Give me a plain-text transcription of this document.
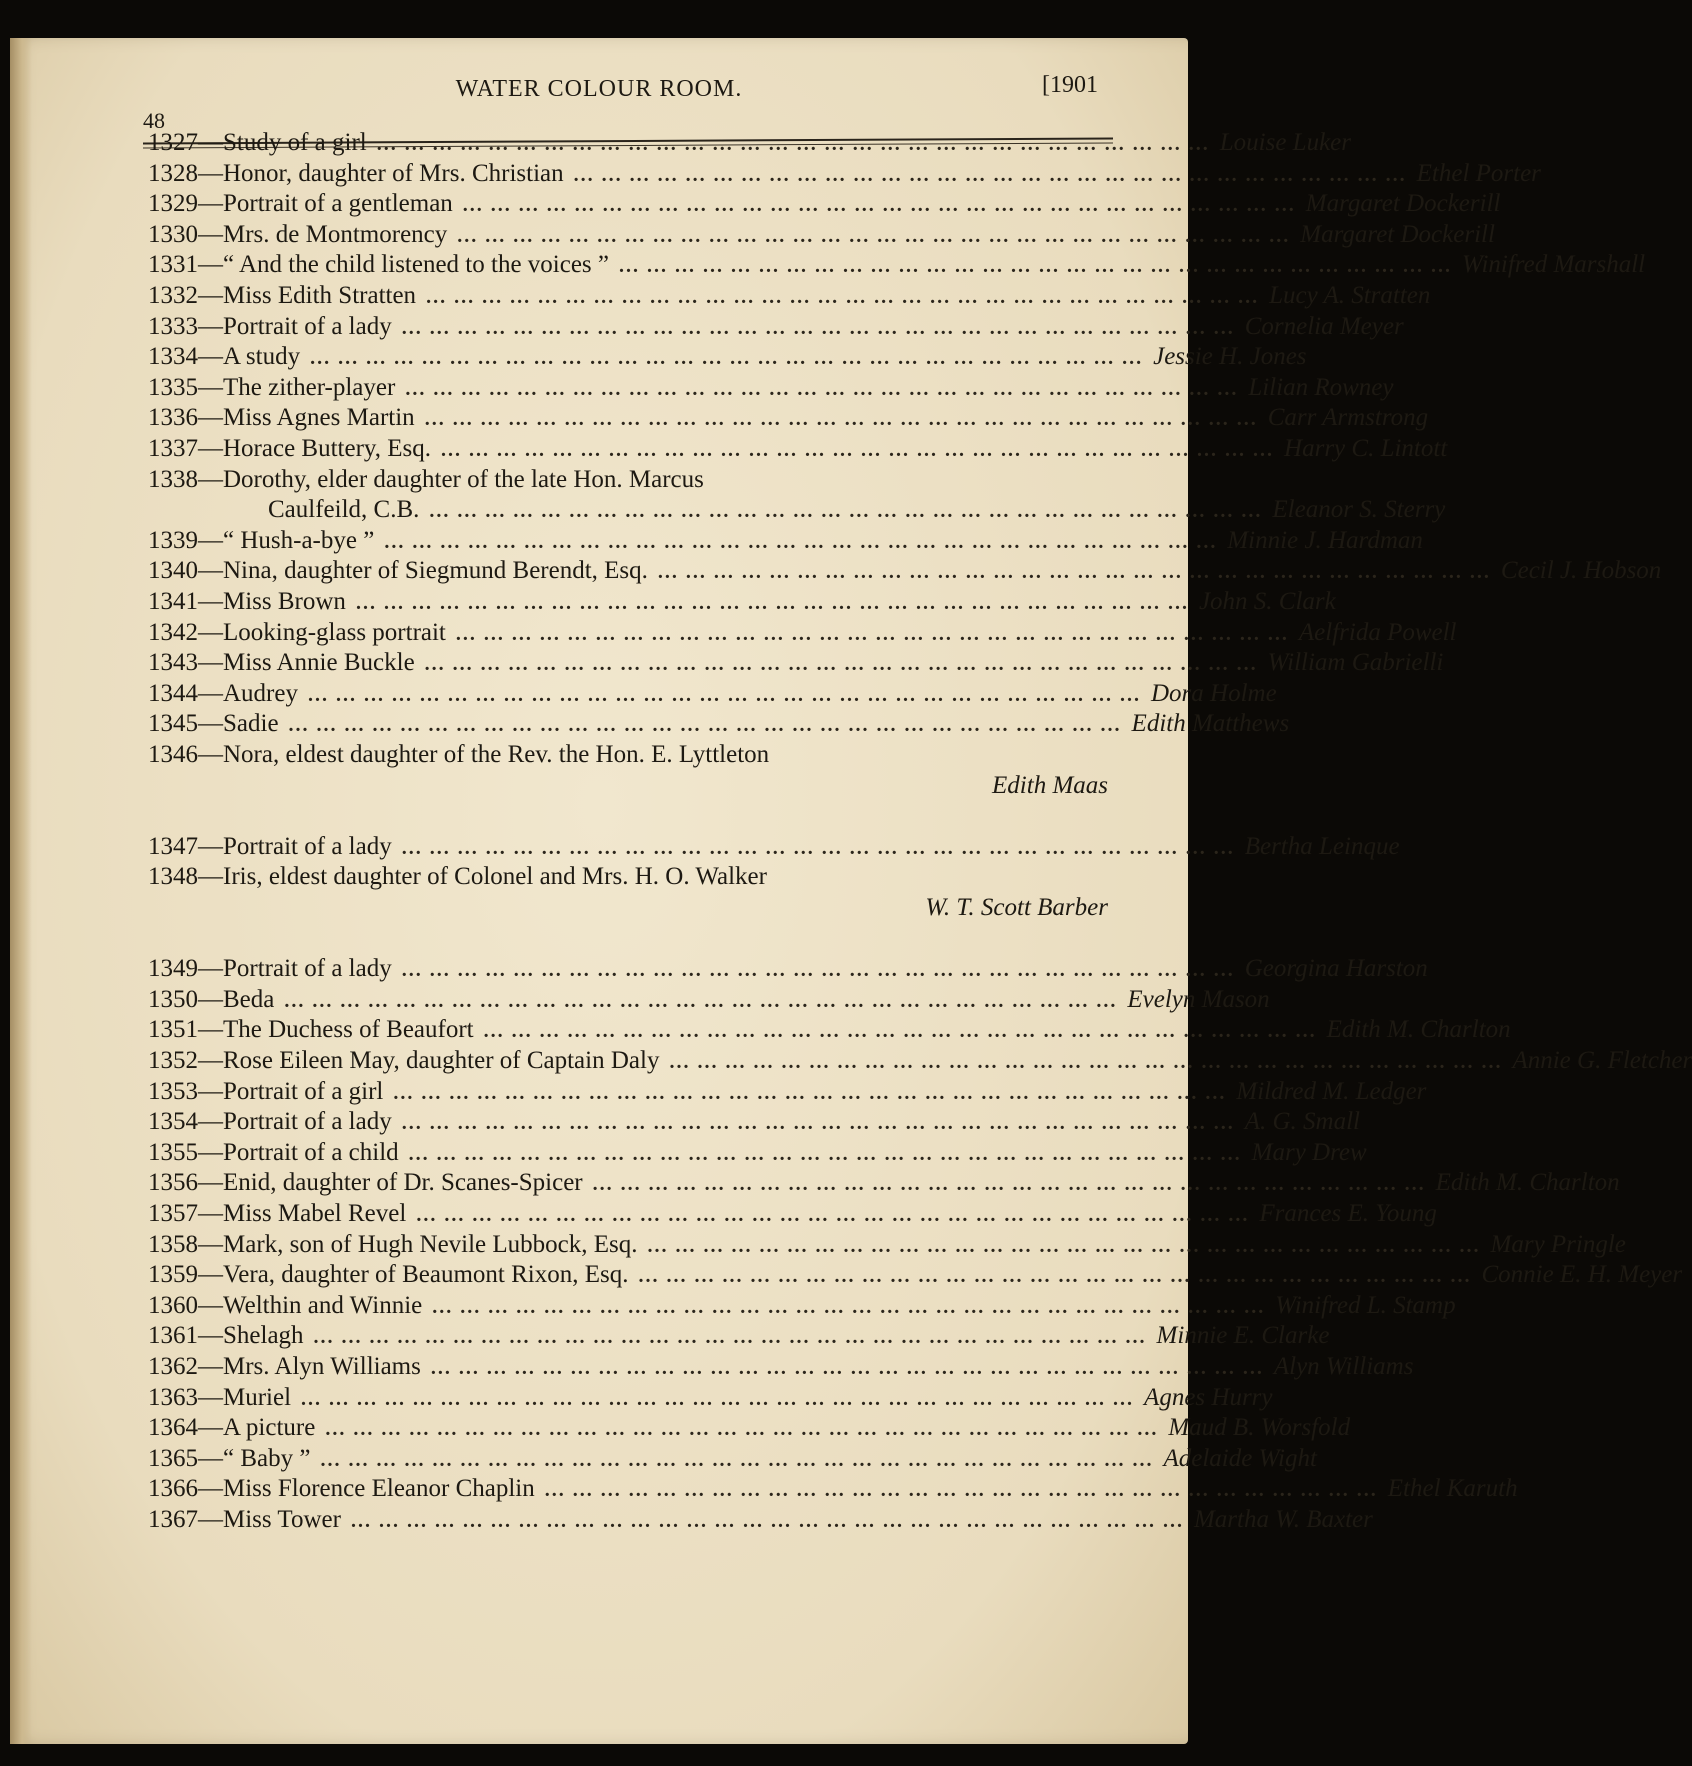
48
WATER COLOUR ROOM.	[1901
1327 —Study of a girl ... ... ... ... ... ... ... ... ... ... ... ... ... ... ... ... ... ... ... ... ... ... ... ... ... ... ... ... ... ... Louise Luker
1328 —Honor, daughter of Mrs. Christian ... ... ... ... ... ... ... ... ... ... ... ... ... ... ... ... ... ... ... ... ... ... ... ... ... ... ... ... ... ... Ethel Porter
1329 —Portrait of a gentleman ... ... ... ... ... ... ... ... ... ... ... ... ... ... ... ... ... ... ... ... ... ... ... ... ... ... ... ... ... ... Margaret Dockerill
1330 —Mrs. de Montmorency ... ... ... ... ... ... ... ... ... ... ... ... ... ... ... ... ... ... ... ... ... ... ... ... ... ... ... ... ... ... Margaret Dockerill
1331 —“ And the child listened to the voices ” ... ... ... ... ... ... ... ... ... ... ... ... ... ... ... ... ... ... ... ... ... ... ... ... ... ... ... ... ... ... Winifred Marshall
1332 —Miss Edith Stratten ... ... ... ... ... ... ... ... ... ... ... ... ... ... ... ... ... ... ... ... ... ... ... ... ... ... ... ... ... ... Lucy A. Stratten
1333 —Portrait of a lady ... ... ... ... ... ... ... ... ... ... ... ... ... ... ... ... ... ... ... ... ... ... ... ... ... ... ... ... ... ... Cornelia Meyer
1334 —A study ... ... ... ... ... ... ... ... ... ... ... ... ... ... ... ... ... ... ... ... ... ... ... ... ... ... ... ... ... ... Jessie H. Jones
1335 —The zither-player ... ... ... ... ... ... ... ... ... ... ... ... ... ... ... ... ... ... ... ... ... ... ... ... ... ... ... ... ... ... Lilian Rowney
1336 —Miss Agnes Martin ... ... ... ... ... ... ... ... ... ... ... ... ... ... ... ... ... ... ... ... ... ... ... ... ... ... ... ... ... ... Carr Armstrong
1337 —Horace Buttery, Esq. ... ... ... ... ... ... ... ... ... ... ... ... ... ... ... ... ... ... ... ... ... ... ... ... ... ... ... ... ... ... Harry C. Lintott
1338 —Dorothy, elder daughter of the late Hon. Marcus
Caulfeild, C.B. ... ... ... ... ... ... ... ... ... ... ... ... ... ... ... ... ... ... ... ... ... ... ... ... ... ... ... ... ... ... Eleanor S. Sterry
1339 —“ Hush-a-bye ” ... ... ... ... ... ... ... ... ... ... ... ... ... ... ... ... ... ... ... ... ... ... ... ... ... ... ... ... ... ... Minnie J. Hardman
1340 —Nina, daughter of Siegmund Berendt, Esq. ... ... ... ... ... ... ... ... ... ... ... ... ... ... ... ... ... ... ... ... ... ... ... ... ... ... ... ... ... ... Cecil J. Hobson
1341 —Miss Brown ... ... ... ... ... ... ... ... ... ... ... ... ... ... ... ... ... ... ... ... ... ... ... ... ... ... ... ... ... ... John S. Clark
1342 —Looking-glass portrait ... ... ... ... ... ... ... ... ... ... ... ... ... ... ... ... ... ... ... ... ... ... ... ... ... ... ... ... ... ... Aelfrida Powell
1343 —Miss Annie Buckle ... ... ... ... ... ... ... ... ... ... ... ... ... ... ... ... ... ... ... ... ... ... ... ... ... ... ... ... ... ... William Gabrielli
1344 —Audrey ... ... ... ... ... ... ... ... ... ... ... ... ... ... ... ... ... ... ... ... ... ... ... ... ... ... ... ... ... ... Dora Holme
1345 —Sadie ... ... ... ... ... ... ... ... ... ... ... ... ... ... ... ... ... ... ... ... ... ... ... ... ... ... ... ... ... ... Edith Matthews
1346 —Nora, eldest daughter of the Rev. the Hon. E. Lyttleton
Edith Maas
1347 —Portrait of a lady ... ... ... ... ... ... ... ... ... ... ... ... ... ... ... ... ... ... ... ... ... ... ... ... ... ... ... ... ... ... Bertha Leinque
1348 —Iris, eldest daughter of Colonel and Mrs. H. O. Walker
W. T. Scott Barber
1349 —Portrait of a lady ... ... ... ... ... ... ... ... ... ... ... ... ... ... ... ... ... ... ... ... ... ... ... ... ... ... ... ... ... ... Georgina Harston
1350 —Beda ... ... ... ... ... ... ... ... ... ... ... ... ... ... ... ... ... ... ... ... ... ... ... ... ... ... ... ... ... ... Evelyn Mason
1351 —The Duchess of Beaufort ... ... ... ... ... ... ... ... ... ... ... ... ... ... ... ... ... ... ... ... ... ... ... ... ... ... ... ... ... ... Edith M. Charlton
1352 —Rose Eileen May, daughter of Captain Daly ... ... ... ... ... ... ... ... ... ... ... ... ... ... ... ... ... ... ... ... ... ... ... ... ... ... ... ... ... ... Annie G. Fletcher
1353 —Portrait of a girl ... ... ... ... ... ... ... ... ... ... ... ... ... ... ... ... ... ... ... ... ... ... ... ... ... ... ... ... ... ... Mildred M. Ledger
1354 —Portrait of a lady ... ... ... ... ... ... ... ... ... ... ... ... ... ... ... ... ... ... ... ... ... ... ... ... ... ... ... ... ... ... A. G. Small
1355 —Portrait of a child ... ... ... ... ... ... ... ... ... ... ... ... ... ... ... ... ... ... ... ... ... ... ... ... ... ... ... ... ... ... Mary Drew
1356 —Enid, daughter of Dr. Scanes-Spicer ... ... ... ... ... ... ... ... ... ... ... ... ... ... ... ... ... ... ... ... ... ... ... ... ... ... ... ... ... ... Edith M. Charlton
1357 —Miss Mabel Revel ... ... ... ... ... ... ... ... ... ... ... ... ... ... ... ... ... ... ... ... ... ... ... ... ... ... ... ... ... ... Frances E. Young
1358 —Mark, son of Hugh Nevile Lubbock, Esq. ... ... ... ... ... ... ... ... ... ... ... ... ... ... ... ... ... ... ... ... ... ... ... ... ... ... ... ... ... ... Mary Pringle
1359 —Vera, daughter of Beaumont Rixon, Esq. ... ... ... ... ... ... ... ... ... ... ... ... ... ... ... ... ... ... ... ... ... ... ... ... ... ... ... ... ... ... Connie E. H. Meyer
1360 —Welthin and Winnie ... ... ... ... ... ... ... ... ... ... ... ... ... ... ... ... ... ... ... ... ... ... ... ... ... ... ... ... ... ... Winifred L. Stamp
1361 —Shelagh ... ... ... ... ... ... ... ... ... ... ... ... ... ... ... ... ... ... ... ... ... ... ... ... ... ... ... ... ... ... Minnie E. Clarke
1362 —Mrs. Alyn Williams ... ... ... ... ... ... ... ... ... ... ... ... ... ... ... ... ... ... ... ... ... ... ... ... ... ... ... ... ... ... Alyn Williams
1363 —Muriel ... ... ... ... ... ... ... ... ... ... ... ... ... ... ... ... ... ... ... ... ... ... ... ... ... ... ... ... ... ... Agnes Hurry
1364 —A picture ... ... ... ... ... ... ... ... ... ... ... ... ... ... ... ... ... ... ... ... ... ... ... ... ... ... ... ... ... ... Maud B. Worsfold
1365 —“ Baby ” ... ... ... ... ... ... ... ... ... ... ... ... ... ... ... ... ... ... ... ... ... ... ... ... ... ... ... ... ... ... Adelaide Wight
1366 —Miss Florence Eleanor Chaplin ... ... ... ... ... ... ... ... ... ... ... ... ... ... ... ... ... ... ... ... ... ... ... ... ... ... ... ... ... ... Ethel Karuth
1367 —Miss Tower ... ... ... ... ... ... ... ... ... ... ... ... ... ... ... ... ... ... ... ... ... ... ... ... ... ... ... ... ... ... Martha W. Baxter
